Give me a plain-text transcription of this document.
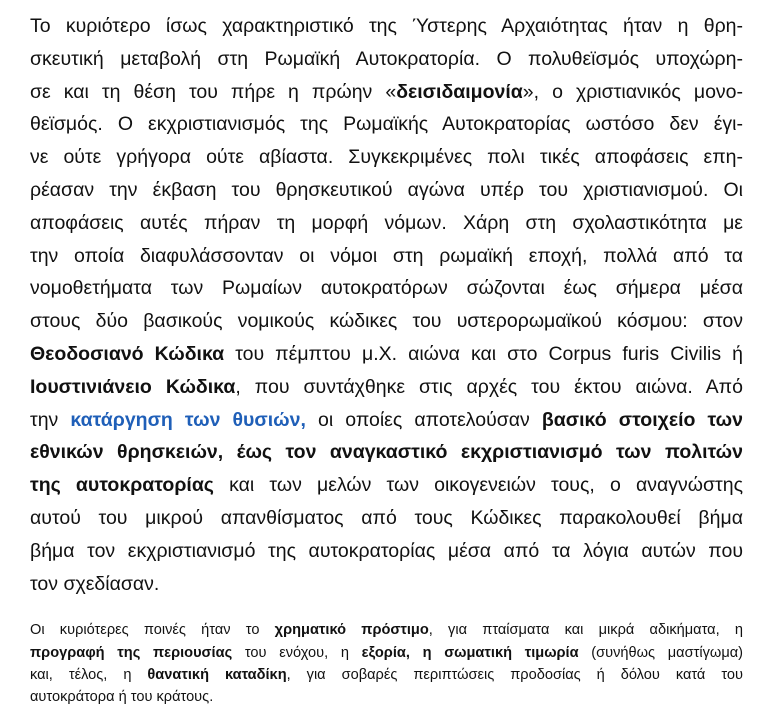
Το κυριότερο ίσως χαρακτηριστικό της Ύστερης Αρχαιότητας ήταν η θρη-
σκευτική μεταβολή στη Ρωμαϊκή Αυτοκρατορία. Ο πολυθεϊσμός υποχώρη-
σε και τη θέση του πήρε η πρώην «δεισιδαιμονία», ο χριστιανικός μονο-
θεϊσμός. Ο εκχριστιανισμός της Ρωμαϊκής Αυτοκρατορίας ωστόσο δεν έγι-
νε ούτε γρήγορα ούτε αβίαστα. Συγκεκριμένες πολι τικές αποφάσεις επη-
ρέασαν την έκβαση του θρησκευτικού αγώνα υπέρ του χριστιανισμού. Οι
αποφάσεις αυτές πήραν τη μορφή νόμων. Χάρη στη σχολαστικότητα με
την οποία διαφυλάσσονταν οι νόμοι στη ρωμαϊκή εποχή, πολλά από τα
νομοθετήματα των Ρωμαίων αυτοκρατόρων σώζονται έως σήμερα μέσα
στους δύο βασικούς νομικούς κώδικες του υστερορωμαϊκού κόσμου: στον
Θεοδοσιανό Κώδικα του πέμπτου μ.Χ. αιώνα και στο Corpus furis Civilis ή
Ιουστινιάνειο Κώδικα, που συντάχθηκε στις αρχές του έκτου αιώνα. Από
την κατάργηση των θυσιών, οι οποίες αποτελούσαν βασικό στοιχείο των
εθνικών θρησκειών, έως τον αναγκαστικό εκχριστιανισμό των πολιτών
της αυτοκρατορίας και των μελών των οικογενειών τους, ο αναγνώστης
αυτού του μικρού απανθίσματος από τους Κώδικες παρακολουθεί βήμα
βήμα τον εκχριστιανισμό της αυτοκρατορίας μέσα από τα λόγια αυτών που
τον σχεδίασαν.
Οι κυριότερες ποινές ήταν το χρηματικό πρόστιμο, για πταίσματα και μικρά αδικήματα, η
προγραφή της περιουσίας του ενόχου, η εξορία, η σωματική τιμωρία (συνήθως μαστίγωμα)
και, τέλος, η θανατική καταδίκη, για σοβαρές περιπτώσεις προδοσίας ή δόλου κατά του
αυτοκράτορα ή του κράτους.
